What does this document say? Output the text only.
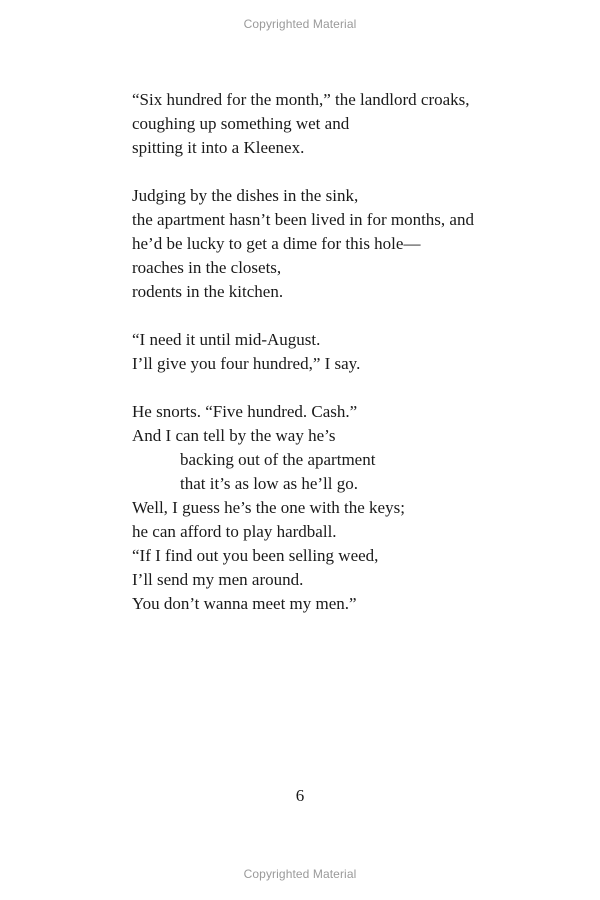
Copyrighted Material
“Six hundred for the month,” the landlord croaks,
coughing up something wet and
spitting it into a Kleenex.
Judging by the dishes in the sink,
the apartment hasn’t been lived in for months, and
he’d be lucky to get a dime for this hole—
roaches in the closets,
rodents in the kitchen.
“I need it until mid-August.
I’ll give you four hundred,” I say.
He snorts. “Five hundred. Cash.”
And I can tell by the way he’s
backing out of the apartment
that it’s as low as he’ll go.
Well, I guess he’s the one with the keys;
he can afford to play hardball.
“If I find out you been selling weed,
I’ll send my men around.
You don’t wanna meet my men.”
6
Copyrighted Material
